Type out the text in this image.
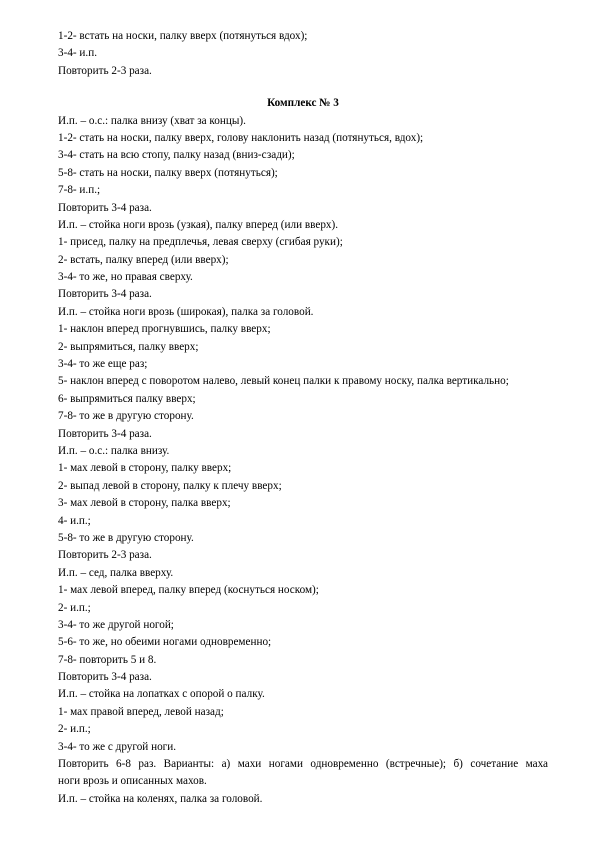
1-2- встать на носки, палку вверх (потянуться вдох);
3-4- и.п.
Повторить 2-3 раза.
Комплекс № 3
И.п. – о.с.: палка внизу (хват за концы).
1-2- стать на носки, палку вверх, голову наклонить назад (потянуться, вдох);
3-4- стать на всю стопу, палку назад (вниз-сзади);
5-8- стать на носки, палку вверх (потянуться);
7-8- и.п.;
Повторить 3-4 раза.
И.п. – стойка ноги врозь (узкая), палку вперед (или вверх).
1- присед, палку на предплечья, левая сверху (сгибая руки);
2- встать, палку вперед (или вверх);
3-4- то же, но правая сверху.
Повторить 3-4 раза.
И.п. – стойка ноги врозь (широкая), палка за головой.
1- наклон вперед прогнувшись, палку вверх;
2- выпрямиться, палку вверх;
3-4- то же еще раз;
5- наклон вперед с поворотом налево, левый конец палки к правому носку, палка вертикально;
6- выпрямиться палку вверх;
7-8- то же в другую сторону.
Повторить 3-4 раза.
И.п. – о.с.: палка внизу.
1- мах левой в сторону, палку вверх;
2- выпад левой в сторону, палку к плечу вверх;
3- мах левой в сторону, палка вверх;
4- и.п.;
5-8- то же в другую сторону.
Повторить 2-3 раза.
И.п. – сед, палка вверху.
1- мах левой вперед, палку вперед (коснуться носком);
2- и.п.;
3-4- то же другой ногой;
5-6- то же, но обеими ногами одновременно;
7-8- повторить 5 и 8.
Повторить 3-4 раза.
И.п. – стойка на лопатках с опорой о палку.
1- мах правой вперед, левой назад;
2- и.п.;
3-4- то же с другой ноги.
Повторить 6-8 раз. Варианты: а) махи ногами одновременно (встречные); б) сочетание маха
ноги врозь и описанных махов.
И.п. – стойка на коленях, палка за головой.
